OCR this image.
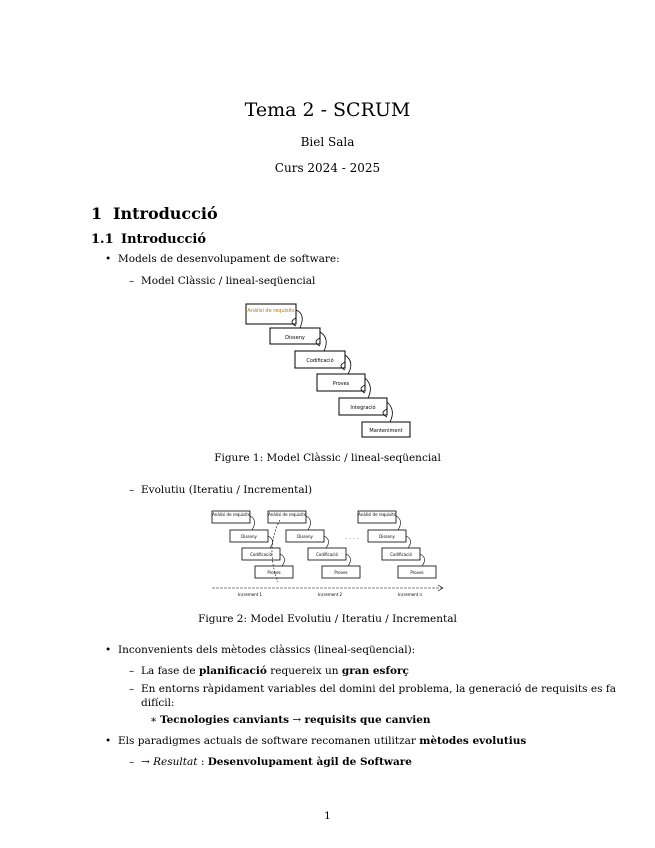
Tema 2 - SCRUM
Biel Sala
Curs 2024 - 2025
1 Introducció
1.1 Introducció
• Models de desenvolupament de software:
– Model Clàssic / lineal-seqüencial
Anàlisi de requisits
Disseny
Codificació
Proves
Integració
Manteniment
Figure 1: Model Clàssic / lineal-seqüencial
– Evolutiu (Iteratiu / Incremental)
Anàlisi de requisits
Disseny
Codificació
Proves
Anàlisi de requisits
Disseny
Codificació
Proves
. . . .
Anàlisi de requisits
Disseny
Codificació
Proves
Increment 1	Increment 2	Increment n
Figure 2: Model Evolutiu / Iteratiu / Incremental
• Inconvenients dels mètodes clàssics (lineal-seqüencial):
– La fase de planificació requereix un gran esforç
– En entorns ràpidament variables del domini del problema, la generació de requisits es fa
difícil:
∗ Tecnologies canviants → requisits que canvien
• Els paradigmes actuals de software recomanen utilitzar mètodes evolutius
– → Resultat : Desenvolupament àgil de Software
1
